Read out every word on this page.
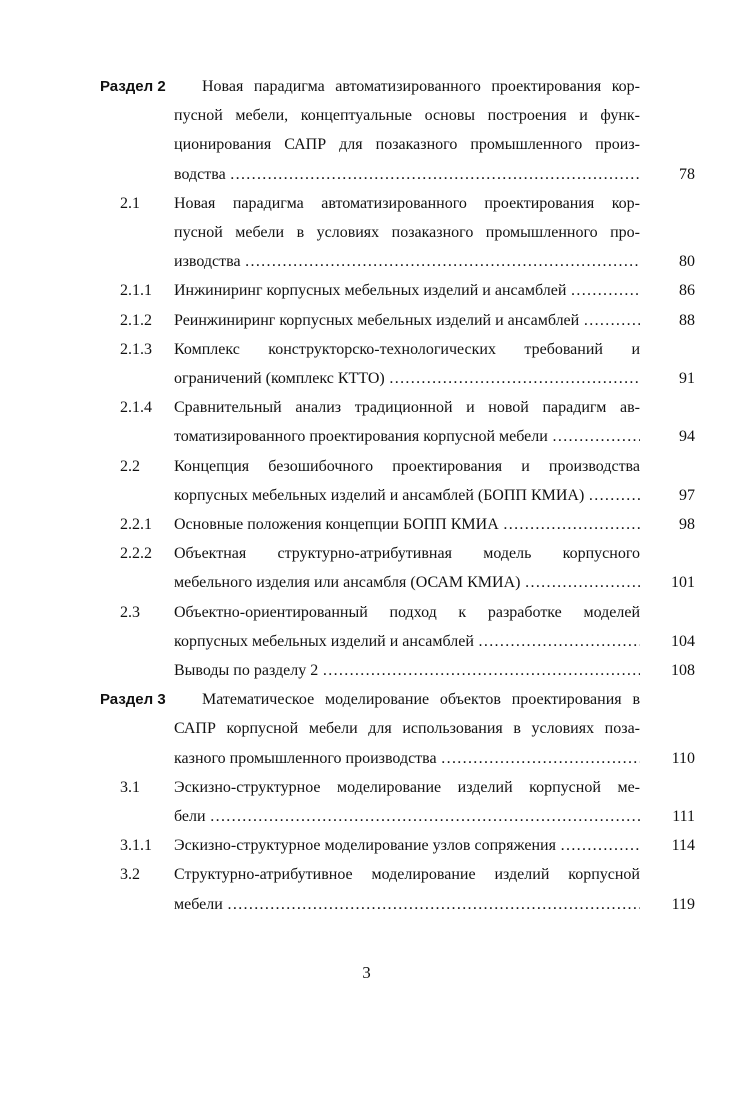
Раздел 2 Новая парадигма автоматизированного проектирования кор-
пусной мебели, концептуальные основы построения и функ-
ционирования САПР для позаказного промышленного произ-
водства ………………………………………………………………………………………………………………………………………	78
2.1 Новая парадигма автоматизированного проектирования кор-
пусной мебели в условиях позаказного промышленного про-
изводства ………………………………………………………………………………………………………………………………………	80
2.1.1 Инжиниринг корпусных мебельных изделий и ансамблей ………………………………………………………………………………………………………………………………………	86
2.1.2 Реинжиниринг корпусных мебельных изделий и ансамблей ………………………………………………………………………………………………………………………………………	88
2.1.3 Комплекс конструкторско-технологических требований и
ограничений (комплекс КТТО) ………………………………………………………………………………………………………………………………………	91
2.1.4 Сравнительный анализ традиционной и новой парадигм ав-
томатизированного проектирования корпусной мебели ………………………………………………………………………………………………………………………………………	94
2.2 Концепция безошибочного проектирования и производства
корпусных мебельных изделий и ансамблей (БОПП КМИА) ………………………………………………………………………………………………………………………………………	97
2.2.1 Основные положения концепции БОПП КМИА ………………………………………………………………………………………………………………………………………	98
2.2.2 Объектная структурно-атрибутивная модель корпусного
мебельного изделия или ансамбля (ОСАМ КМИА) ………………………………………………………………………………………………………………………………………	101
2.3 Объектно-ориентированный подход к разработке моделей
корпусных мебельных изделий и ансамблей ………………………………………………………………………………………………………………………………………	104
Выводы по разделу 2 ………………………………………………………………………………………………………………………………………	108
Раздел 3 Математическое моделирование объектов проектирования в
САПР корпусной мебели для использования в условиях поза-
казного промышленного производства ………………………………………………………………………………………………………………………………………	110
3.1 Эскизно-структурное моделирование изделий корпусной ме-
бели ………………………………………………………………………………………………………………………………………	111
3.1.1 Эскизно-структурное моделирование узлов сопряжения ………………………………………………………………………………………………………………………………………	114
3.2 Структурно-атрибутивное моделирование изделий корпусной
мебели ………………………………………………………………………………………………………………………………………	119
3
